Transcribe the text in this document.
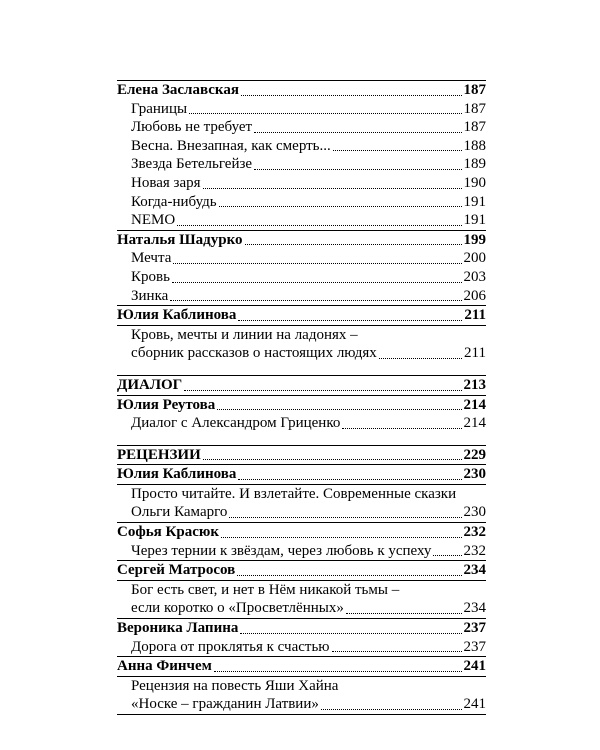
Елена Заславская	187
Границы	187
Любовь не требует	187
Весна. Внезапная, как смерть...	188
Звезда Бетельгейзе	189
Новая заря	190
Когда-нибудь	191
NEMO	191
Наталья Шадурко	199
Мечта	200
Кровь	203
Зинка	206
Юлия Каблинова	211
Кровь, мечты и линии на ладонях –
сборник рассказов о настоящих людях	211
ДИАЛОГ	213
Юлия Реутова	214
Диалог с Александром Гриценко	214
РЕЦЕНЗИИ	229
Юлия Каблинова	230
Просто читайте. И взлетайте. Современные сказки
Ольги Камарго	230
Софья Красюк	232
Через тернии к звёздам, через любовь к успеху 232
Сергей Матросов	234
Бог есть свет, и нет в Нём никакой тьмы –
если коротко о «Просветлённых»	234
Вероника Лапина	237
Дорога от проклятья к счастью	237
Анна Финчем	241
Рецензия на повесть Яши Хайна
«Носке – гражданин Латвии»	241
